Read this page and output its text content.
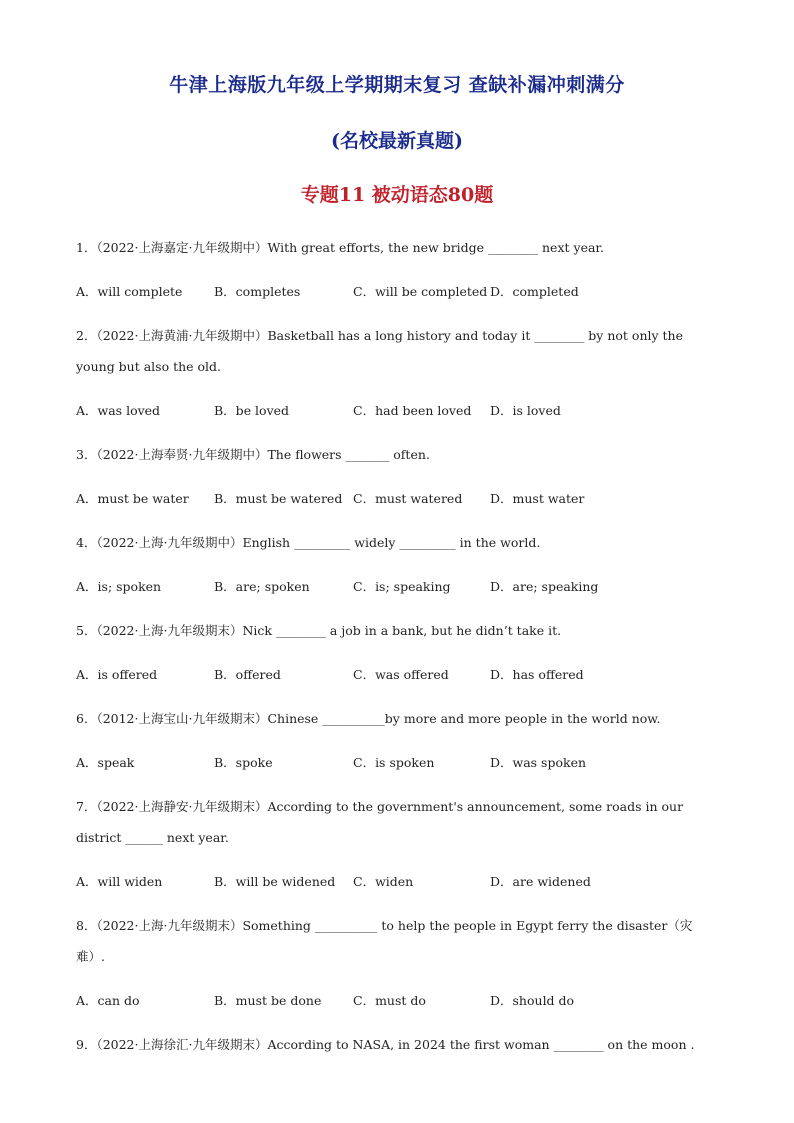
牛津上海版九年级上学期期末复习 查缺补漏冲刺满分
(名校最新真题)
专题11 被动语态80题
1．（2022·上海嘉定·九年级期中）With great efforts, the new bridge ________ next year.
A．will complete	B．completes	C．will be completed D．completed
2．（2022·上海黄浦·九年级期中）Basketball has a long history and today it ________ by not only the young but also the old.
A．was loved	B．be loved	C．had been loved D．is loved
3．（2022·上海奉贤·九年级期中）The flowers _______ often.
A．must be water B．must be watered C．must watered D．must water
4．（2022·上海·九年级期中）English _________ widely _________ in the world.
A．is; spoken	B．are; spoken	C．is; speaking	D．are; speaking
5．（2022·上海·九年级期末）Nick ________ a job in a bank, but he didn’t take it.
A．is offered	B．offered	C．was offered	D．has offered
6．（2012·上海宝山·九年级期末）Chinese __________by more and more people in the world now.
A．speak	B．spoke	C．is spoken	D．was spoken
7．（2022·上海静安·九年级期末）According to the government's announcement, some roads in our district ______ next year.
A．will widen	B．will be widened C．widen	D．are widened
8．（2022·上海·九年级期末）Something __________ to help the people in Egypt ferry the disaster（灾难）.
A．can do	B．must be done	C．must do	D．should do
9．（2022·上海徐汇·九年级期末）According to NASA, in 2024 the first woman ________ on the moon .
